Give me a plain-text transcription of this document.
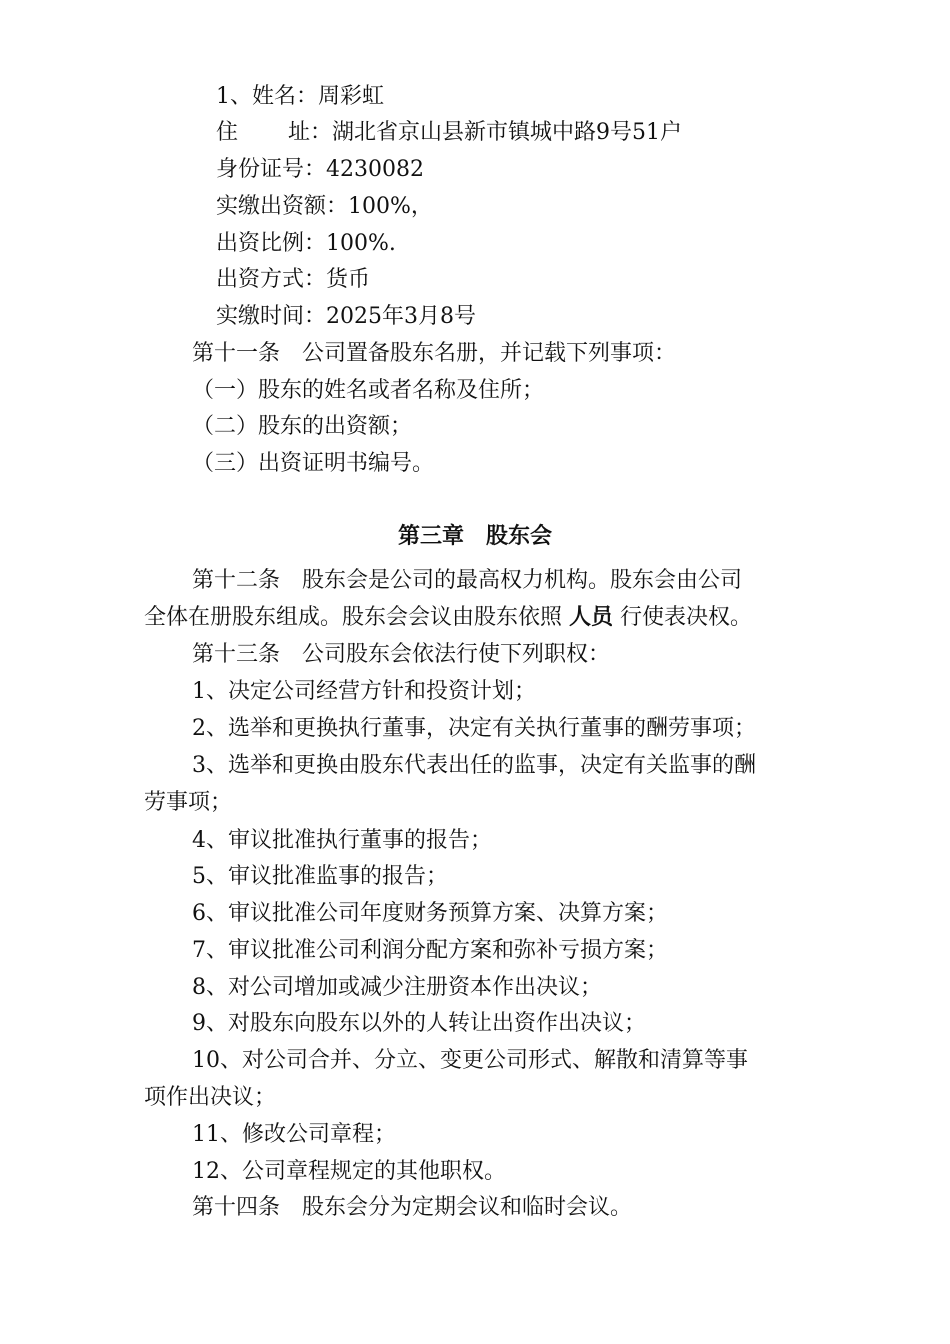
1、姓名：周彩虹
住 址：湖北省京山县新市镇城中路9号51户
身份证号：4230082
实缴出资额：100%，
出资比例：100%.
出资方式：货币
实缴时间：2025年3月8号
第十一条 公司置备股东名册，并记载下列事项：
（一）股东的姓名或者名称及住所；
（二）股东的出资额；
（三）出资证明书编号。
第三章　股东会
第十二条 股东会是公司的最高权力机构。股东会由公司
全体在册股东组成。股东会会议由股东依照 人员 行使表决权。
第十三条 公司股东会依法行使下列职权：
1、决定公司经营方针和投资计划；
2、选举和更换执行董事，决定有关执行董事的酬劳事项；
3、选举和更换由股东代表出任的监事，决定有关监事的酬
劳事项；
4、审议批准执行董事的报告；
5、审议批准监事的报告；
6、审议批准公司年度财务预算方案、决算方案；
7、审议批准公司利润分配方案和弥补亏损方案；
8、对公司增加或减少注册资本作出决议；
9、对股东向股东以外的人转让出资作出决议；
10、对公司合并、分立、变更公司形式、解散和清算等事
项作出决议；
11、修改公司章程；
12、公司章程规定的其他职权。
第十四条 股东会分为定期会议和临时会议。
